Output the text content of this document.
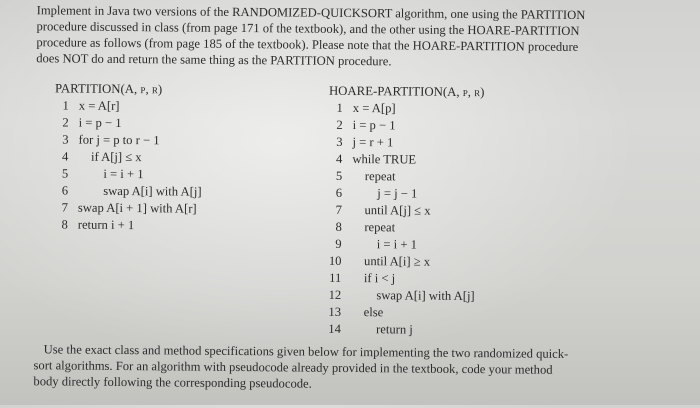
Implement in Java two versions of the RANDOMIZED-QUICKSORT algorithm, one using the PARTITION
procedure discussed in class (from page 171 of the textbook), and the other using the HOARE-PARTITION
procedure as follows (from page 185 of the textbook). Please note that the HOARE-PARTITION procedure
does NOT do and return the same thing as the PARTITION procedure.
PARTITION(A, p, r)
1 x = A[r]
2 i = p − 1
3 for j = p to r − 1
4    if A[j] ≤ x
5        i = i + 1
6        swap A[i] with A[j]
7 swap A[i + 1] with A[r]
8 return i + 1
HOARE-PARTITION(A, p, r)
1 x = A[p]
2 i = p − 1
3 j = r + 1
4 while TRUE
5    repeat
6        j = j − 1
7    until A[j] ≤ x
8    repeat
9        i = i + 1
10    until A[i] ≥ x
11    if i < j
12        swap A[i] with A[j]
13    else
14        return j
Use the exact class and method specifications given below for implementing the two randomized quick-
sort algorithms. For an algorithm with pseudocode already provided in the textbook, code your method
body directly following the corresponding pseudocode.
